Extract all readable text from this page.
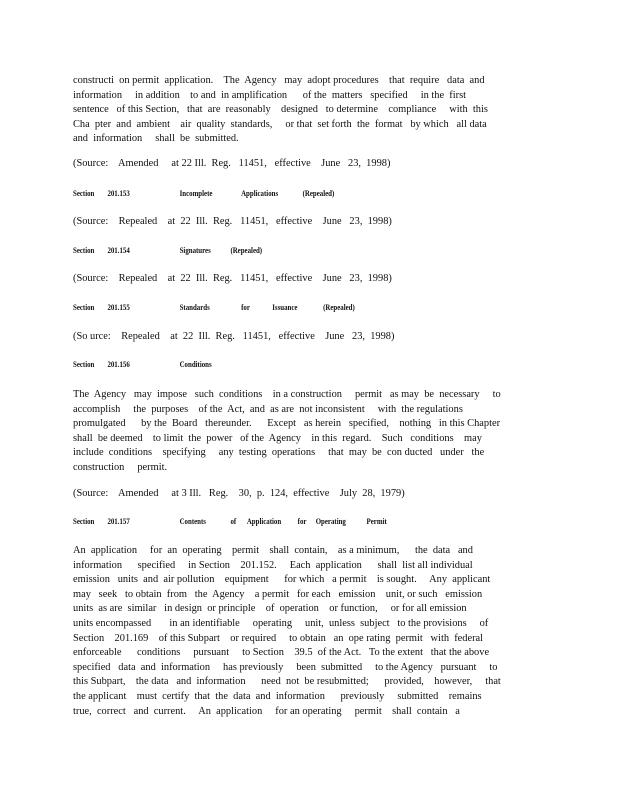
constructi  on permit  application.    The  Agency   may  adopt procedures    that  require   data  and
information     in addition    to and  in amplification      of the  matters   specified     in the  first
sentence   of this Section,   that  are  reasonably    designed   to determine    compliance     with  this
Cha  pter  and  ambient    air  quality  standards,     or that  set forth  the  format   by which   all data
and  information     shall  be  submitted.
(Source:    Amended     at 22 Ill.  Reg.   11451,   effective    June   23,  1998)
Section	201.153	Incomplete	Applications	(Repealed)
(Source:    Repealed    at  22  Ill.  Reg.   11451,   effective    June   23,  1998)
Section	201.154	Signatures	(Repealed)
(Source:    Repealed    at  22  Ill.  Reg.   11451,   effective    June   23,  1998)
Section	201.155	Standards	for	Issuance	(Repealed)
(So urce:    Repealed    at  22  Ill.  Reg.   11451,   effective    June   23,  1998)
Section	201.156	Conditions
The  Agency   may  impose   such  conditions    in a construction     permit   as may  be  necessary     to
accomplish     the  purposes    of the  Act,  and  as are  not inconsistent     with  the regulations
promulgated      by the  Board   thereunder.      Except   as herein   specified,    nothing   in this Chapter
shall  be deemed    to limit  the  power   of the  Agency    in this  regard.    Such   conditions    may
include  conditions    specifying     any  testing  operations     that  may  be  con ducted   under   the
construction     permit.
(Source:    Amended     at 3 Ill.   Reg.    30,  p.  124,  effective    July  28,  1979)
Section	201.157	Contents	of	Application	for	Operating	Permit
An  application     for  an  operating    permit    shall  contain,    as a minimum,      the  data   and
information      specified     in Section    201.152.     Each  application      shall  list all individual
emission   units  and  air pollution    equipment      for which   a permit    is sought.     Any  applicant
may   seek   to obtain  from   the  Agency    a permit   for each   emission    unit, or such   emission
units  as are  similar   in design  or principle    of  operation    or function,     or for all emission
units encompassed       in an identifiable     operating     unit,  unless  subject   to the provisions     of
Section    201.169    of this Subpart    or required     to obtain   an  ope rating  permit   with  federal
enforceable      conditions     pursuant     to Section    39.5  of the Act.   To the extent   that the above
specified   data  and  information     has previously     been  submitted     to the Agency   pursuant     to
this Subpart,    the data   and  information      need  not  be resubmitted;      provided,    however,     that
the applicant    must  certify  that  the  data  and  information      previously     submitted    remains
true,  correct   and  current.     An  application     for an operating     permit    shall  contain   a
